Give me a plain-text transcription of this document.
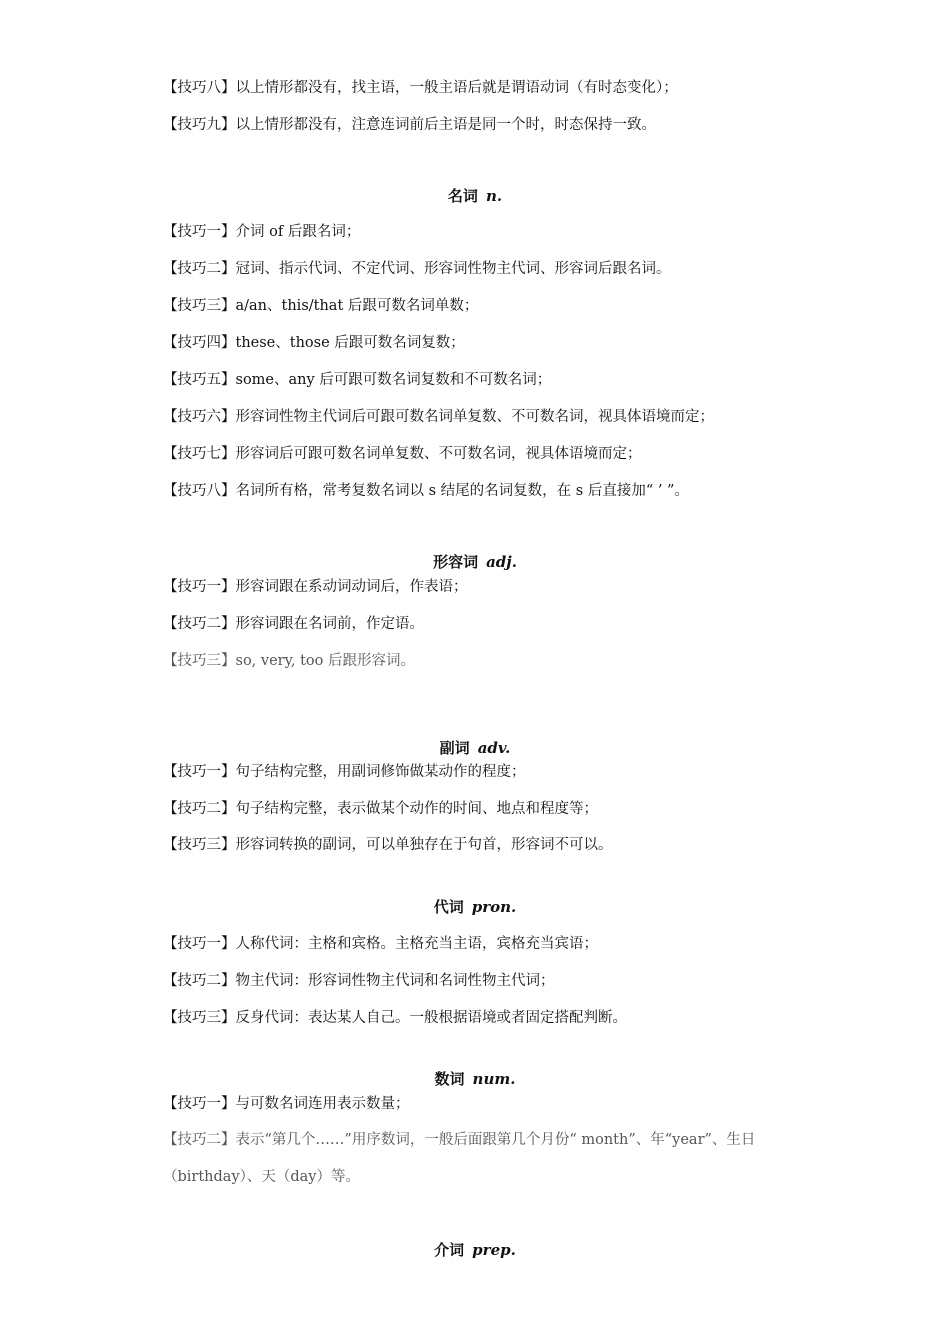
【技巧八】以上情形都没有，找主语，一般主语后就是谓语动词（有时态变化）；
【技巧九】以上情形都没有，注意连词前后主语是同一个时，时态保持一致。
名词 n.
【技巧一】介词 of 后跟名词；
【技巧二】冠词、指示代词、不定代词、形容词性物主代词、形容词后跟名词。
【技巧三】a/an、this/that 后跟可数名词单数；
【技巧四】these、those 后跟可数名词复数；
【技巧五】some、any 后可跟可数名词复数和不可数名词；
【技巧六】形容词性物主代词后可跟可数名词单复数、不可数名词，视具体语境而定；
【技巧七】形容词后可跟可数名词单复数、不可数名词，视具体语境而定；
【技巧八】名词所有格，常考复数名词以 s 结尾的名词复数，在 s 后直接加“ ’ ”。
形容词 adj.
【技巧一】形容词跟在系动词动词后，作表语；
【技巧二】形容词跟在名词前，作定语。
【技巧三】so, very, too 后跟形容词。
副词 adv.
【技巧一】句子结构完整，用副词修饰做某动作的程度；
【技巧二】句子结构完整，表示做某个动作的时间、地点和程度等；
【技巧三】形容词转换的副词，可以单独存在于句首，形容词不可以。
代词 pron.
【技巧一】人称代词：主格和宾格。主格充当主语，宾格充当宾语；
【技巧二】物主代词：形容词性物主代词和名词性物主代词；
【技巧三】反身代词：表达某人自己。一般根据语境或者固定搭配判断。
数词 num.
【技巧一】与可数名词连用表示数量；
【技巧二】表示“第几个……”用序数词，一般后面跟第几个月份“ month”、年“year”、生日（birthday）、天（day）等。
介词 prep.
